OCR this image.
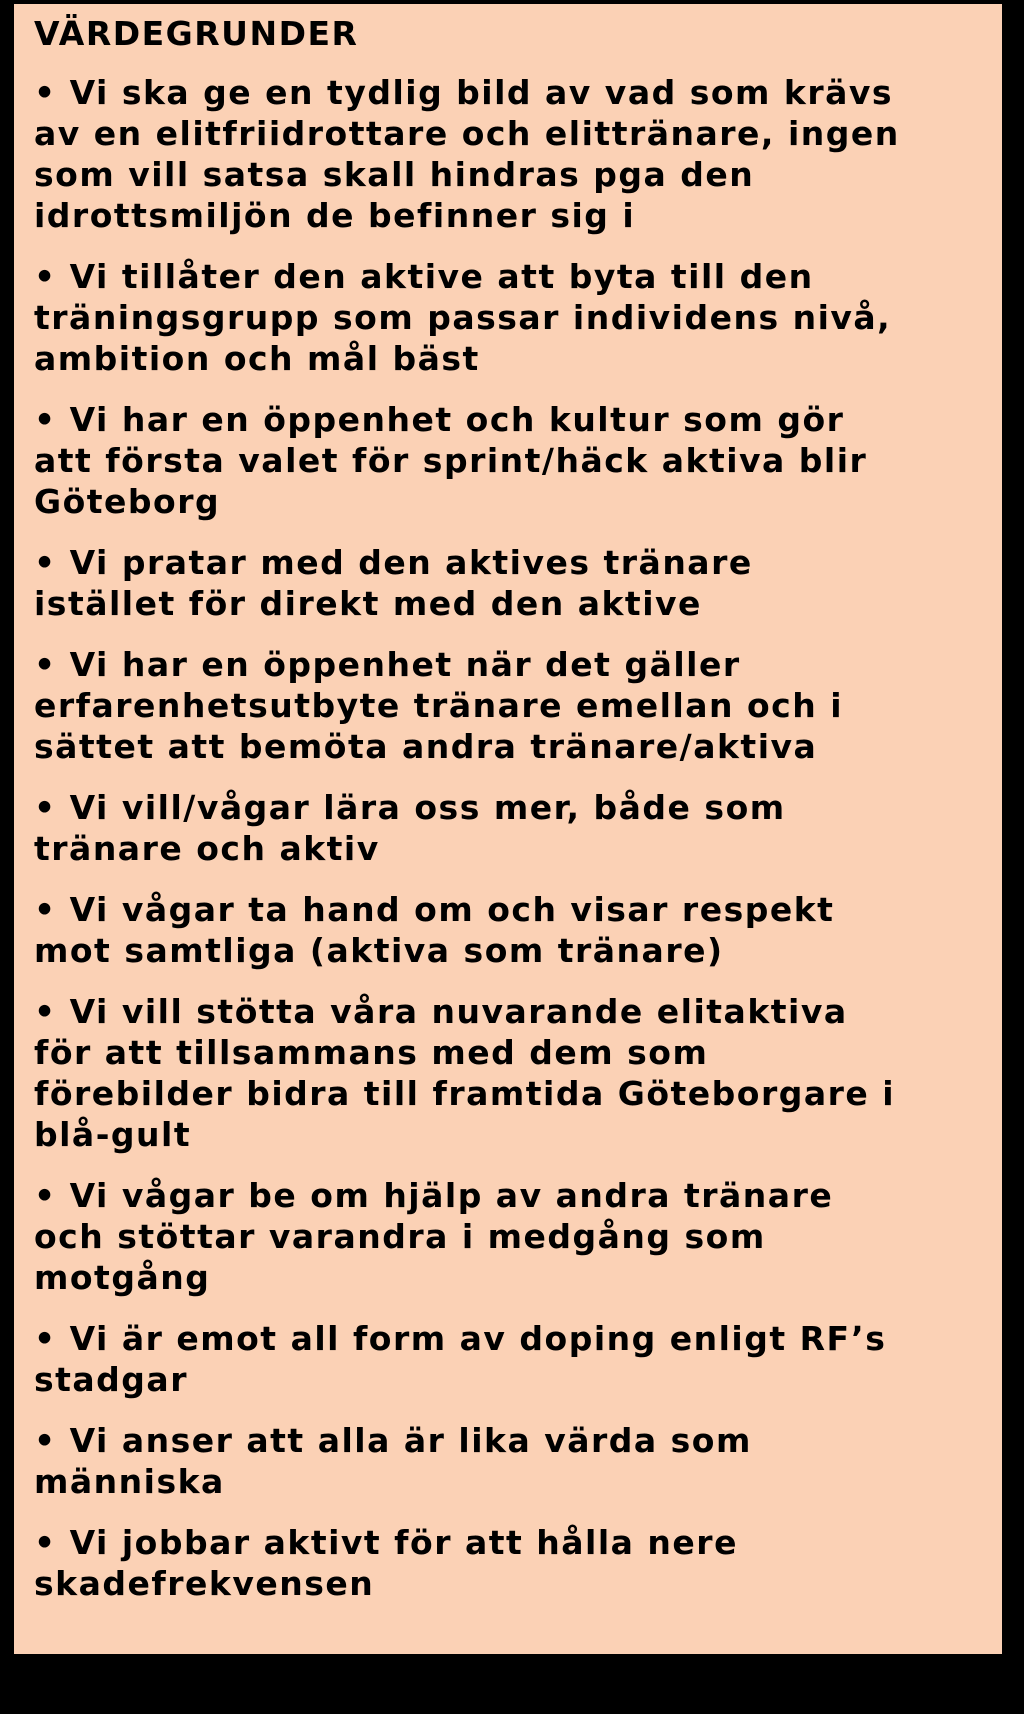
VÄRDEGRUNDER
• Vi ska ge en tydlig bild av vad som krävs
av en elitfriidrottare och elittränare, ingen
som vill satsa skall hindras pga den
idrottsmiljön de befinner sig i
• Vi tillåter den aktive att byta till den
träningsgrupp som passar individens nivå,
ambition och mål bäst
• Vi har en öppenhet och kultur som gör
att första valet för sprint/häck aktiva blir
Göteborg
• Vi pratar med den aktives tränare
istället för direkt med den aktive
• Vi har en öppenhet när det gäller
erfarenhetsutbyte tränare emellan och i
sättet att bemöta andra tränare/aktiva
• Vi vill/vågar lära oss mer, både som
tränare och aktiv
• Vi vågar ta hand om och visar respekt
mot samtliga (aktiva som tränare)
• Vi vill stötta våra nuvarande elitaktiva
för att tillsammans med dem som
förebilder bidra till framtida Göteborgare i
blå-gult
• Vi vågar be om hjälp av andra tränare
och stöttar varandra i medgång som
motgång
• Vi är emot all form av doping enligt RF’s
stadgar
• Vi anser att alla är lika värda som
människa
• Vi jobbar aktivt för att hålla nere
skadefrekvensen
